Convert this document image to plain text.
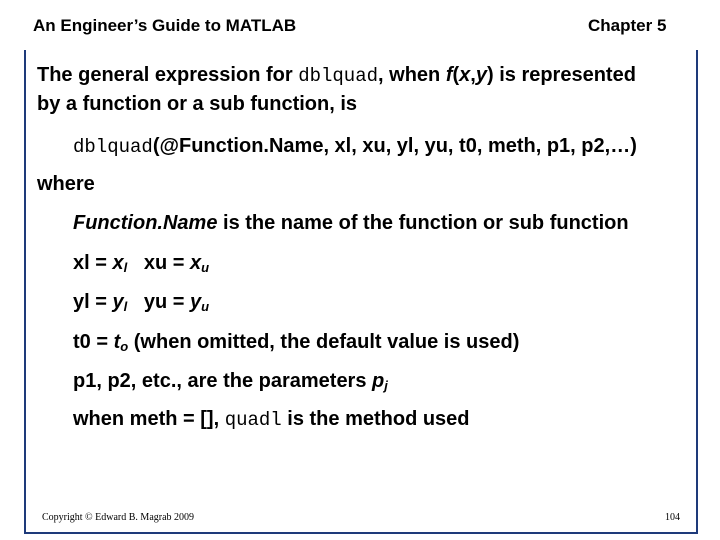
An Engineer’s Guide to MATLAB	Chapter 5
The general expression for dblquad, when f(x,y) is represented
by a function or a sub function, is
dblquad(@Function.Name, xl, xu, yl, yu, t0, meth, p1, p2,…)
where
Function.Name is the name of the function or sub function
xl = $x_l$   xu = $x_u$
yl = $y_l$   yu = $y_u$
$t0 = t_o$ (when omitted, the default value is used)
p1, p2, etc., are the parameters $p_j$
when meth = [], quadl is the method used
Copyright © Edward B. Magrab 2009	104
